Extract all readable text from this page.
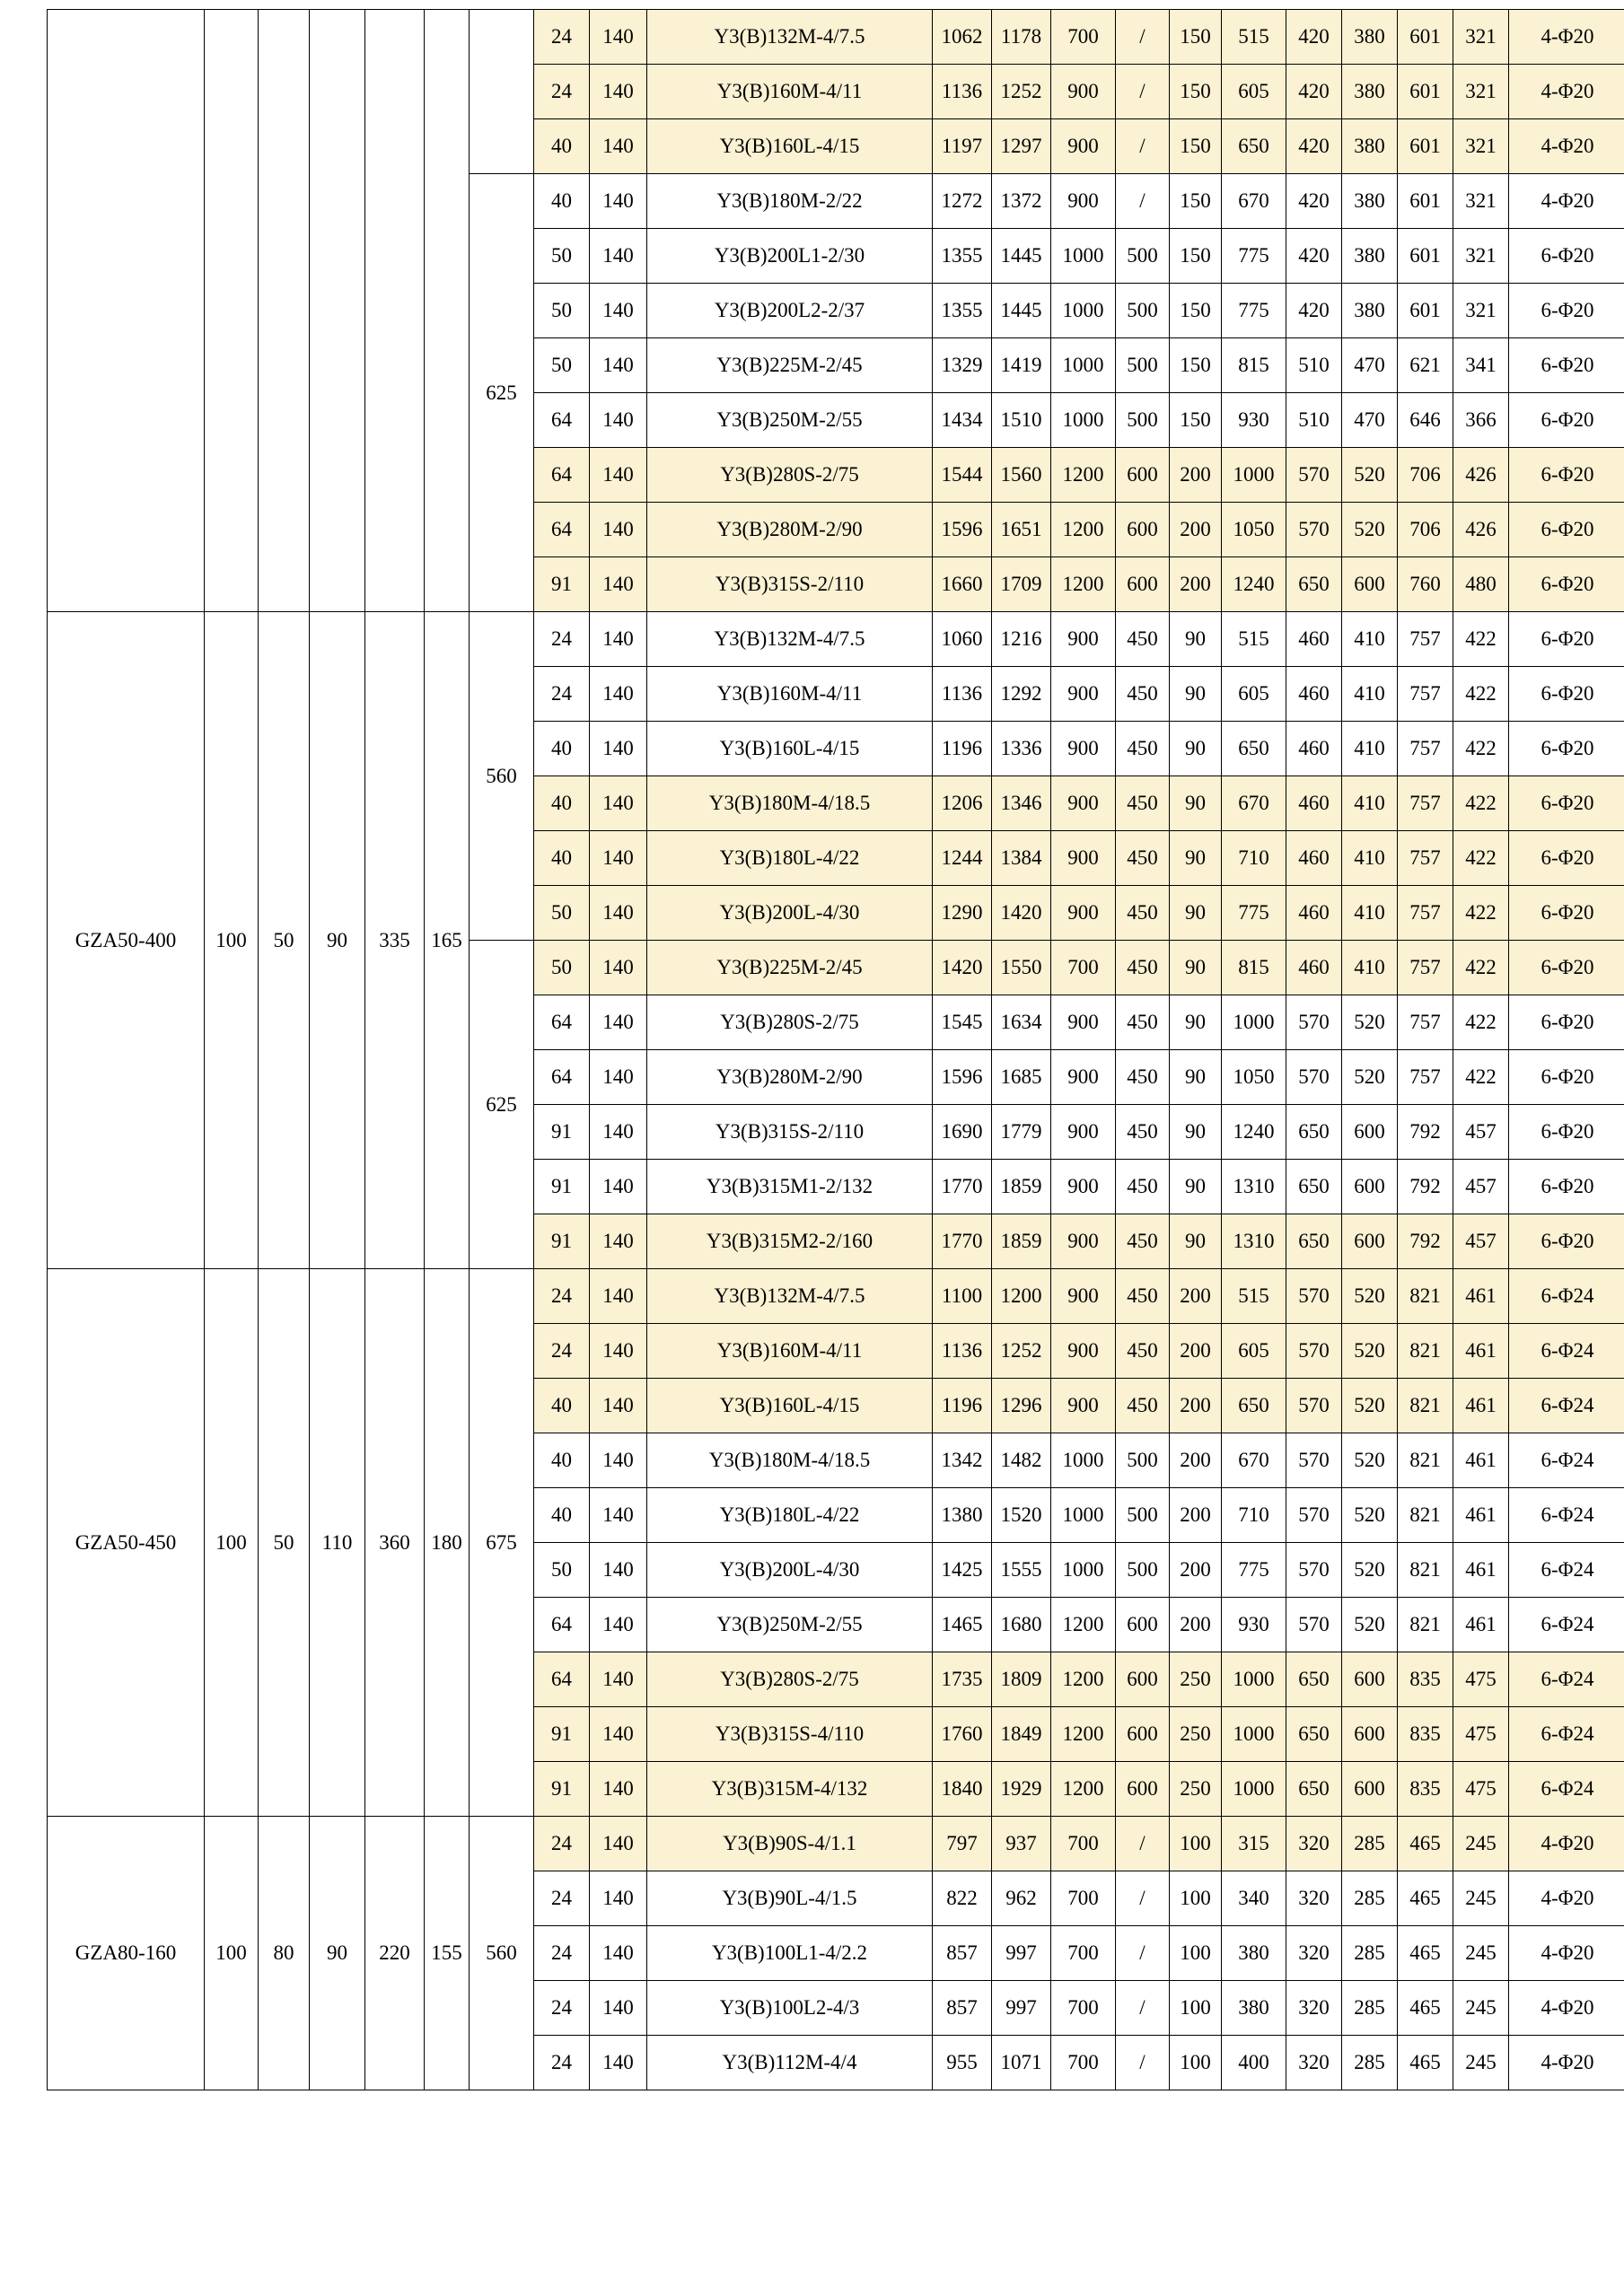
							24	140	Y3(B)132M-4/7.5	1062	1178	700	/	150	515	420	380	601	321	4-Φ20
							24	140	Y3(B)160M-4/11	1136	1252	900	/	150	605	420	380	601	321	4-Φ20
							40	140	Y3(B)160L-4/15	1197	1297	900	/	150	650	420	380	601	321	4-Φ20
						625	40	140	Y3(B)180M-2/22	1272	1372	900	/	150	670	420	380	601	321	4-Φ20
							50	140	Y3(B)200L1-2/30	1355	1445	1000	500	150	775	420	380	601	321	6-Φ20
							50	140	Y3(B)200L2-2/37	1355	1445	1000	500	150	775	420	380	601	321	6-Φ20
							50	140	Y3(B)225M-2/45	1329	1419	1000	500	150	815	510	470	621	341	6-Φ20
							64	140	Y3(B)250M-2/55	1434	1510	1000	500	150	930	510	470	646	366	6-Φ20
							64	140	Y3(B)280S-2/75	1544	1560	1200	600	200	1000	570	520	706	426	6-Φ20
							64	140	Y3(B)280M-2/90	1596	1651	1200	600	200	1050	570	520	706	426	6-Φ20
							91	140	Y3(B)315S-2/110	1660	1709	1200	600	200	1240	650	600	760	480	6-Φ20
GZA50-400	100	50	90	335	165	560	24	140	Y3(B)132M-4/7.5	1060	1216	900	450	90	515	460	410	757	422	6-Φ20
							24	140	Y3(B)160M-4/11	1136	1292	900	450	90	605	460	410	757	422	6-Φ20
							40	140	Y3(B)160L-4/15	1196	1336	900	450	90	650	460	410	757	422	6-Φ20
							40	140	Y3(B)180M-4/18.5	1206	1346	900	450	90	670	460	410	757	422	6-Φ20
							40	140	Y3(B)180L-4/22	1244	1384	900	450	90	710	460	410	757	422	6-Φ20
							50	140	Y3(B)200L-4/30	1290	1420	900	450	90	775	460	410	757	422	6-Φ20
						625	50	140	Y3(B)225M-2/45	1420	1550	700	450	90	815	460	410	757	422	6-Φ20
							64	140	Y3(B)280S-2/75	1545	1634	900	450	90	1000	570	520	757	422	6-Φ20
							64	140	Y3(B)280M-2/90	1596	1685	900	450	90	1050	570	520	757	422	6-Φ20
							91	140	Y3(B)315S-2/110	1690	1779	900	450	90	1240	650	600	792	457	6-Φ20
							91	140	Y3(B)315M1-2/132	1770	1859	900	450	90	1310	650	600	792	457	6-Φ20
							91	140	Y3(B)315M2-2/160	1770	1859	900	450	90	1310	650	600	792	457	6-Φ20
GZA50-450	100	50	110	360	180	675	24	140	Y3(B)132M-4/7.5	1100	1200	900	450	200	515	570	520	821	461	6-Φ24
							24	140	Y3(B)160M-4/11	1136	1252	900	450	200	605	570	520	821	461	6-Φ24
							40	140	Y3(B)160L-4/15	1196	1296	900	450	200	650	570	520	821	461	6-Φ24
							40	140	Y3(B)180M-4/18.5	1342	1482	1000	500	200	670	570	520	821	461	6-Φ24
							40	140	Y3(B)180L-4/22	1380	1520	1000	500	200	710	570	520	821	461	6-Φ24
							50	140	Y3(B)200L-4/30	1425	1555	1000	500	200	775	570	520	821	461	6-Φ24
							64	140	Y3(B)250M-2/55	1465	1680	1200	600	200	930	570	520	821	461	6-Φ24
							64	140	Y3(B)280S-2/75	1735	1809	1200	600	250	1000	650	600	835	475	6-Φ24
							91	140	Y3(B)315S-4/110	1760	1849	1200	600	250	1000	650	600	835	475	6-Φ24
							91	140	Y3(B)315M-4/132	1840	1929	1200	600	250	1000	650	600	835	475	6-Φ24
GZA80-160	100	80	90	220	155	560	24	140	Y3(B)90S-4/1.1	797	937	700	/	100	315	320	285	465	245	4-Φ20
							24	140	Y3(B)90L-4/1.5	822	962	700	/	100	340	320	285	465	245	4-Φ20
							24	140	Y3(B)100L1-4/2.2	857	997	700	/	100	380	320	285	465	245	4-Φ20
							24	140	Y3(B)100L2-4/3	857	997	700	/	100	380	320	285	465	245	4-Φ20
							24	140	Y3(B)112M-4/4	955	1071	700	/	100	400	320	285	465	245	4-Φ20
